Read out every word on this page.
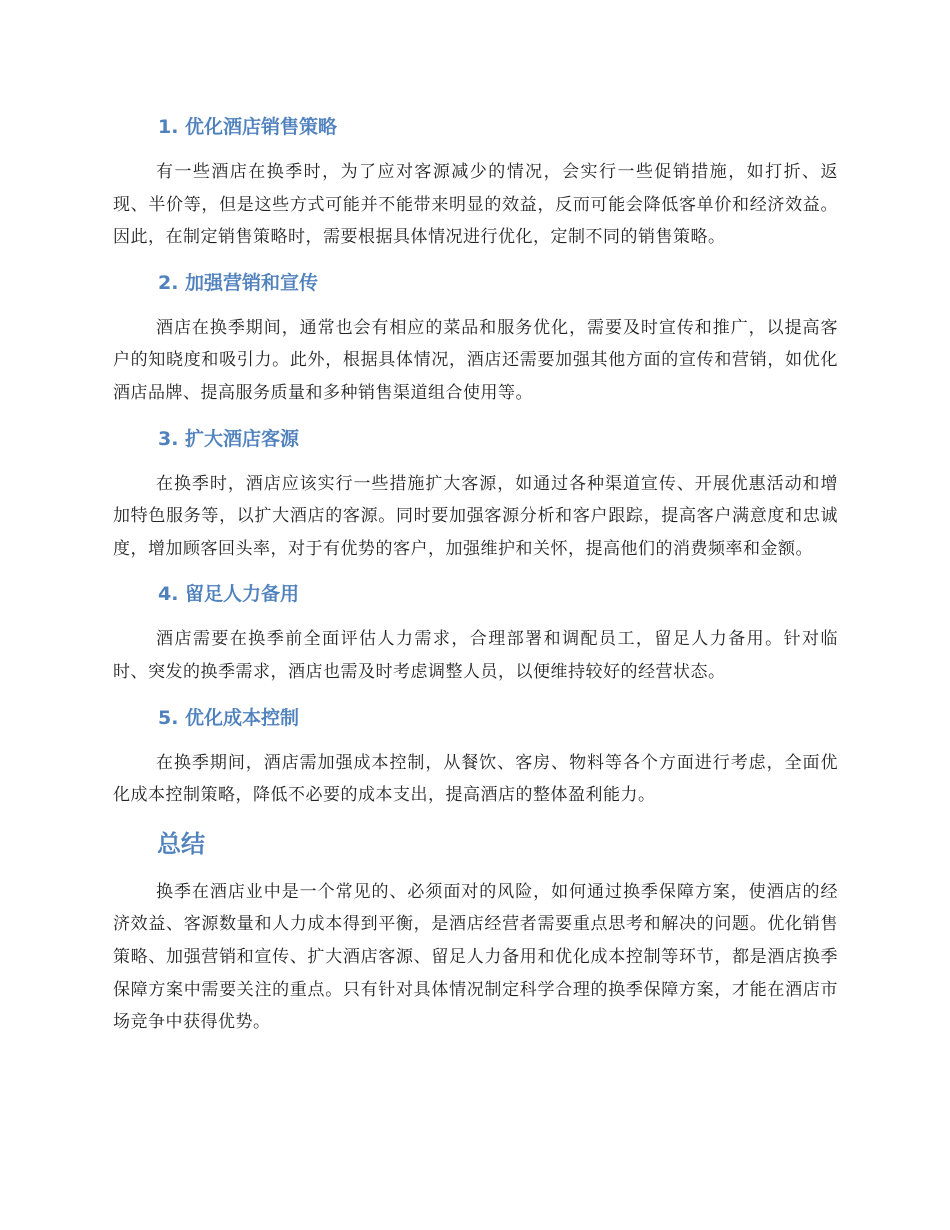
1. 优化酒店销售策略

有一些酒店在换季时，为了应对客源减少的情况，会实行一些促销措施，如打折、返现、半价等，但是这些方式可能并不能带来明显的效益，反而可能会降低客单价和经济效益。因此，在制定销售策略时，需要根据具体情况进行优化，定制不同的销售策略。

2. 加强营销和宣传

酒店在换季期间，通常也会有相应的菜品和服务优化，需要及时宣传和推广，以提高客户的知晓度和吸引力。此外，根据具体情况，酒店还需要加强其他方面的宣传和营销，如优化酒店品牌、提高服务质量和多种销售渠道组合使用等。

3. 扩大酒店客源

在换季时，酒店应该实行一些措施扩大客源，如通过各种渠道宣传、开展优惠活动和增加特色服务等，以扩大酒店的客源。同时要加强客源分析和客户跟踪，提高客户满意度和忠诚度，增加顾客回头率，对于有优势的客户，加强维护和关怀，提高他们的消费频率和金额。

4. 留足人力备用

酒店需要在换季前全面评估人力需求，合理部署和调配员工，留足人力备用。针对临时、突发的换季需求，酒店也需及时考虑调整人员，以便维持较好的经营状态。

5. 优化成本控制

在换季期间，酒店需加强成本控制，从餐饮、客房、物料等各个方面进行考虑，全面优化成本控制策略，降低不必要的成本支出，提高酒店的整体盈利能力。

总结

换季在酒店业中是一个常见的、必须面对的风险，如何通过换季保障方案，使酒店的经济效益、客源数量和人力成本得到平衡，是酒店经营者需要重点思考和解决的问题。优化销售策略、加强营销和宣传、扩大酒店客源、留足人力备用和优化成本控制等环节，都是酒店换季保障方案中需要关注的重点。只有针对具体情况制定科学合理的换季保障方案，才能在酒店市场竞争中获得优势。
